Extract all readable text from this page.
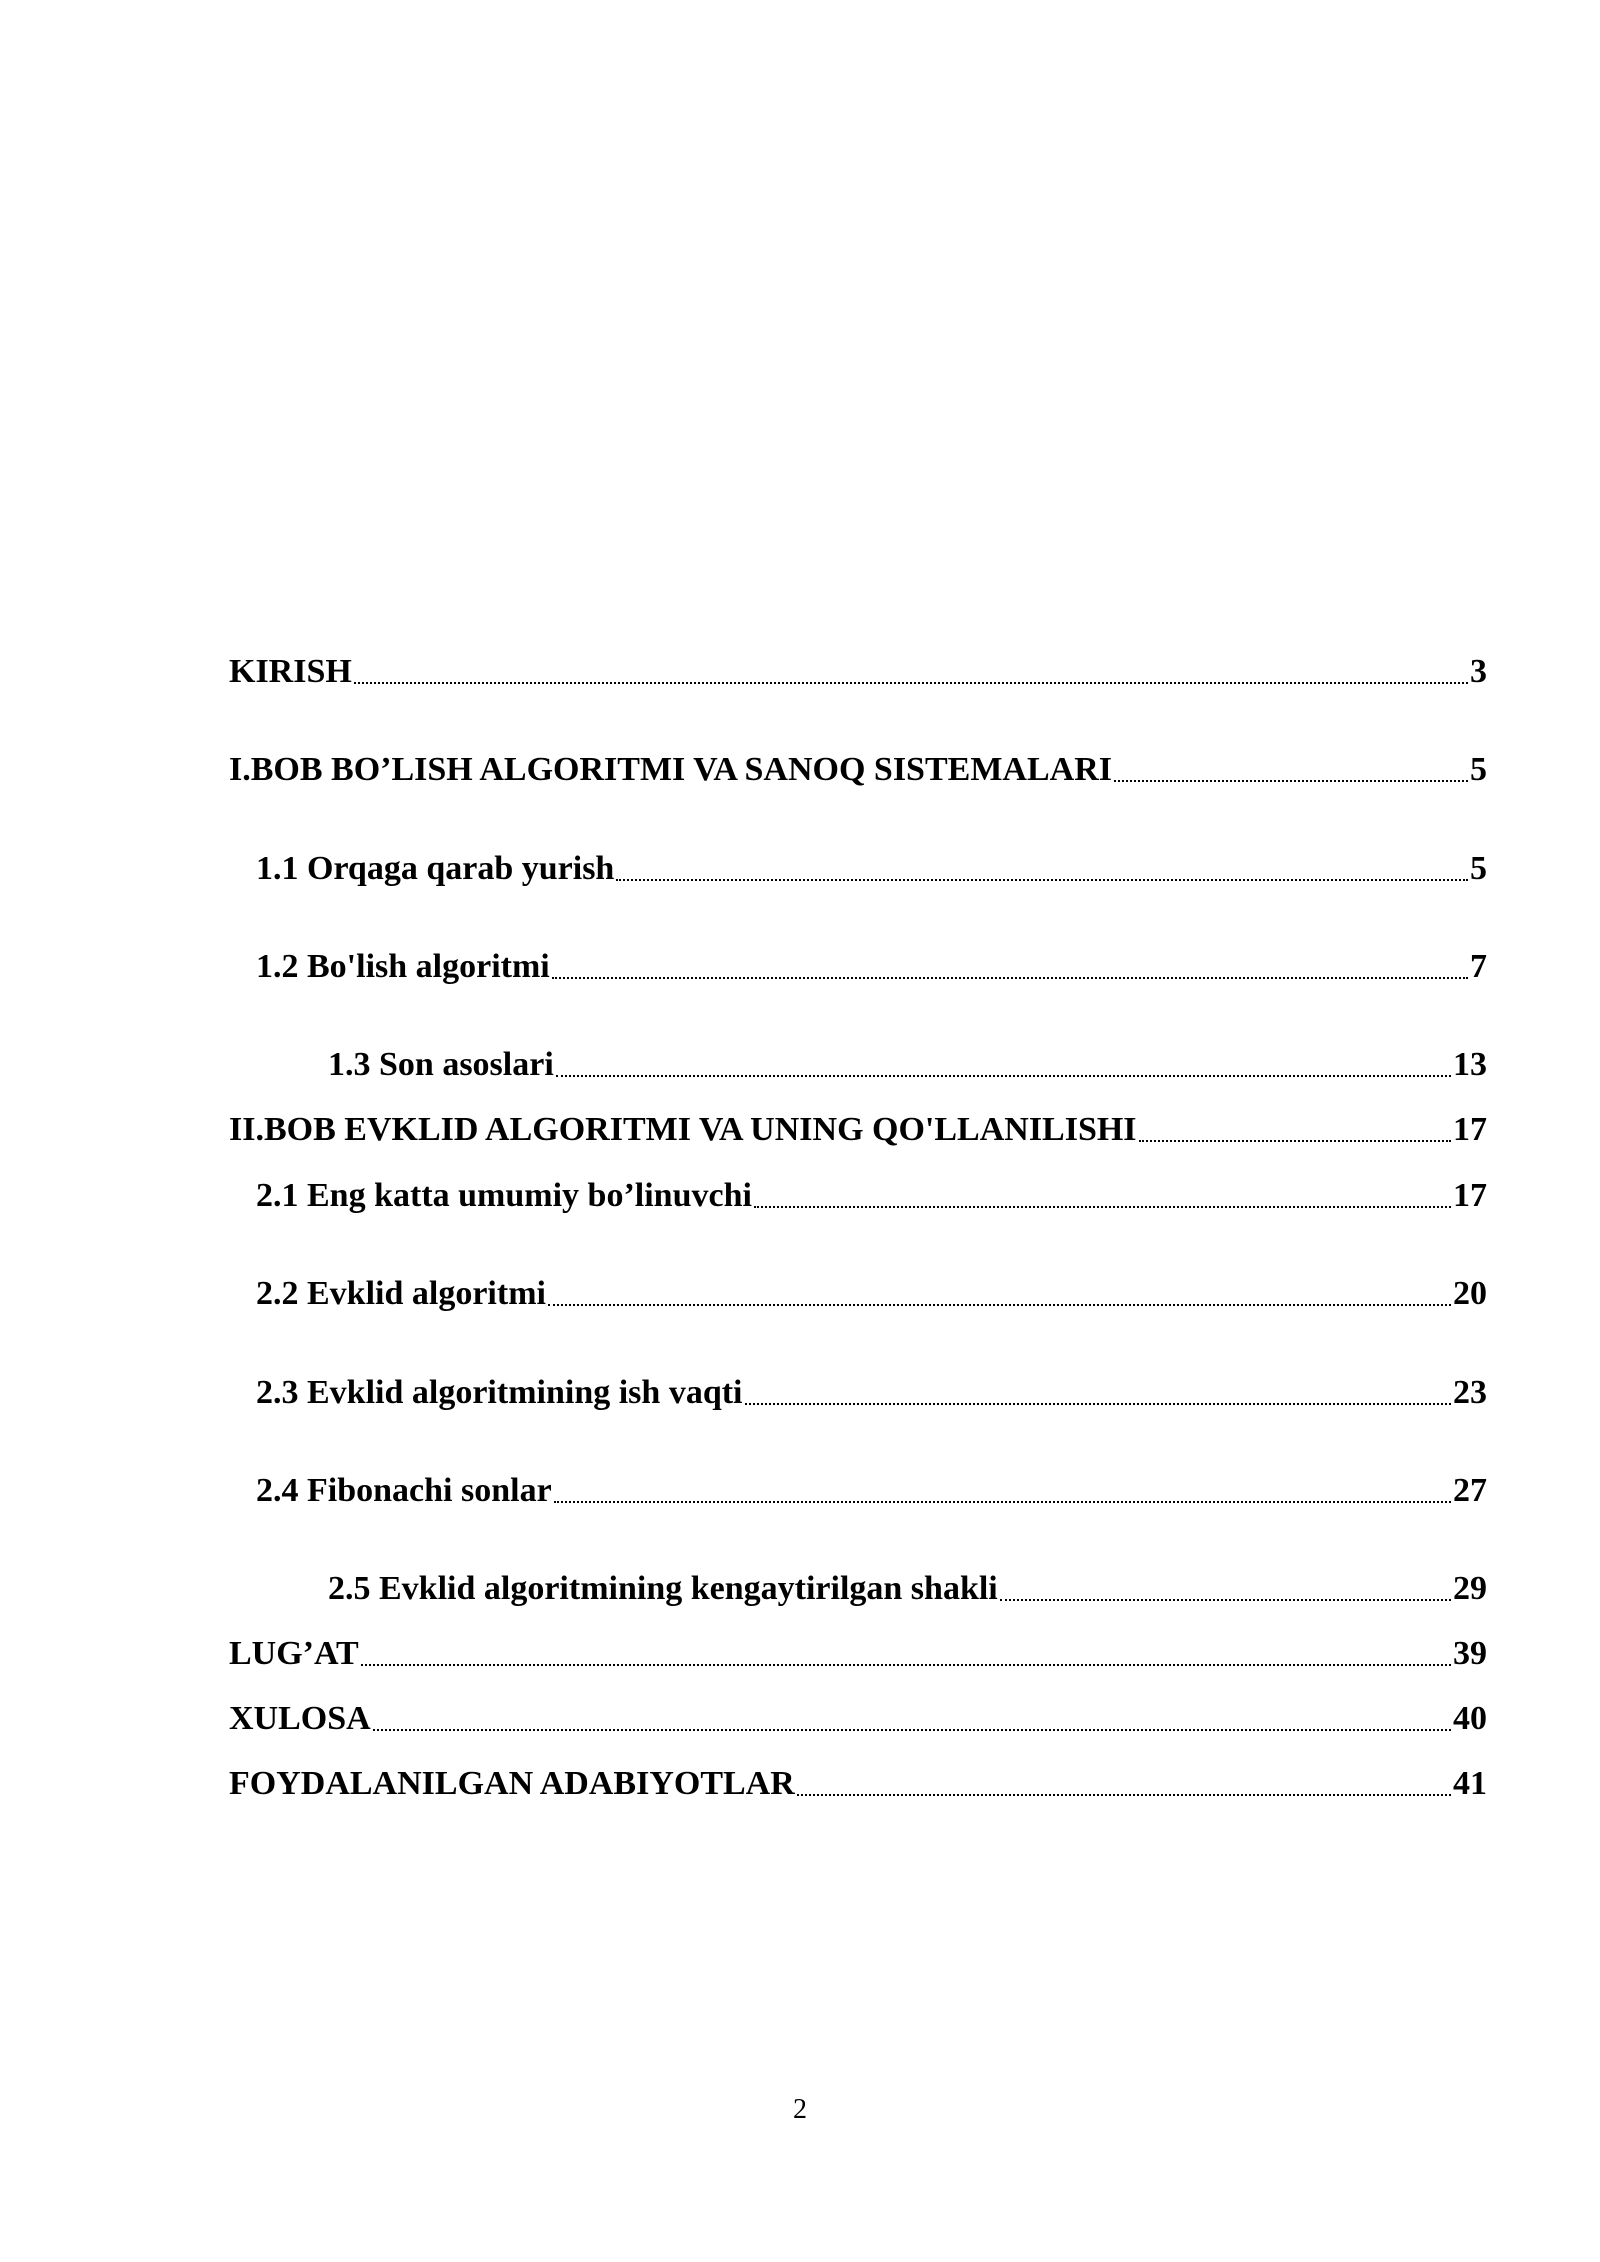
KIRISH	3
I.BOB BO’LISH ALGORITMI VA SANOQ SISTEMALARI	5
1.1 Orqaga qarab yurish	5
1.2 Bo'lish algoritmi	7
1.3 Son asoslari	13
II.BOB EVKLID ALGORITMI VA UNING QO'LLANILISHI	17
2.1 Eng katta umumiy bo’linuvchi	17
2.2 Evklid algoritmi	20
2.3 Evklid algoritmining ish vaqti	23
2.4 Fibonachi sonlar	27
2.5 Evklid algoritmining kengaytirilgan shakli	29
LUG’AT	39
XULOSA	40
FOYDALANILGAN ADABIYOTLAR	41
2
